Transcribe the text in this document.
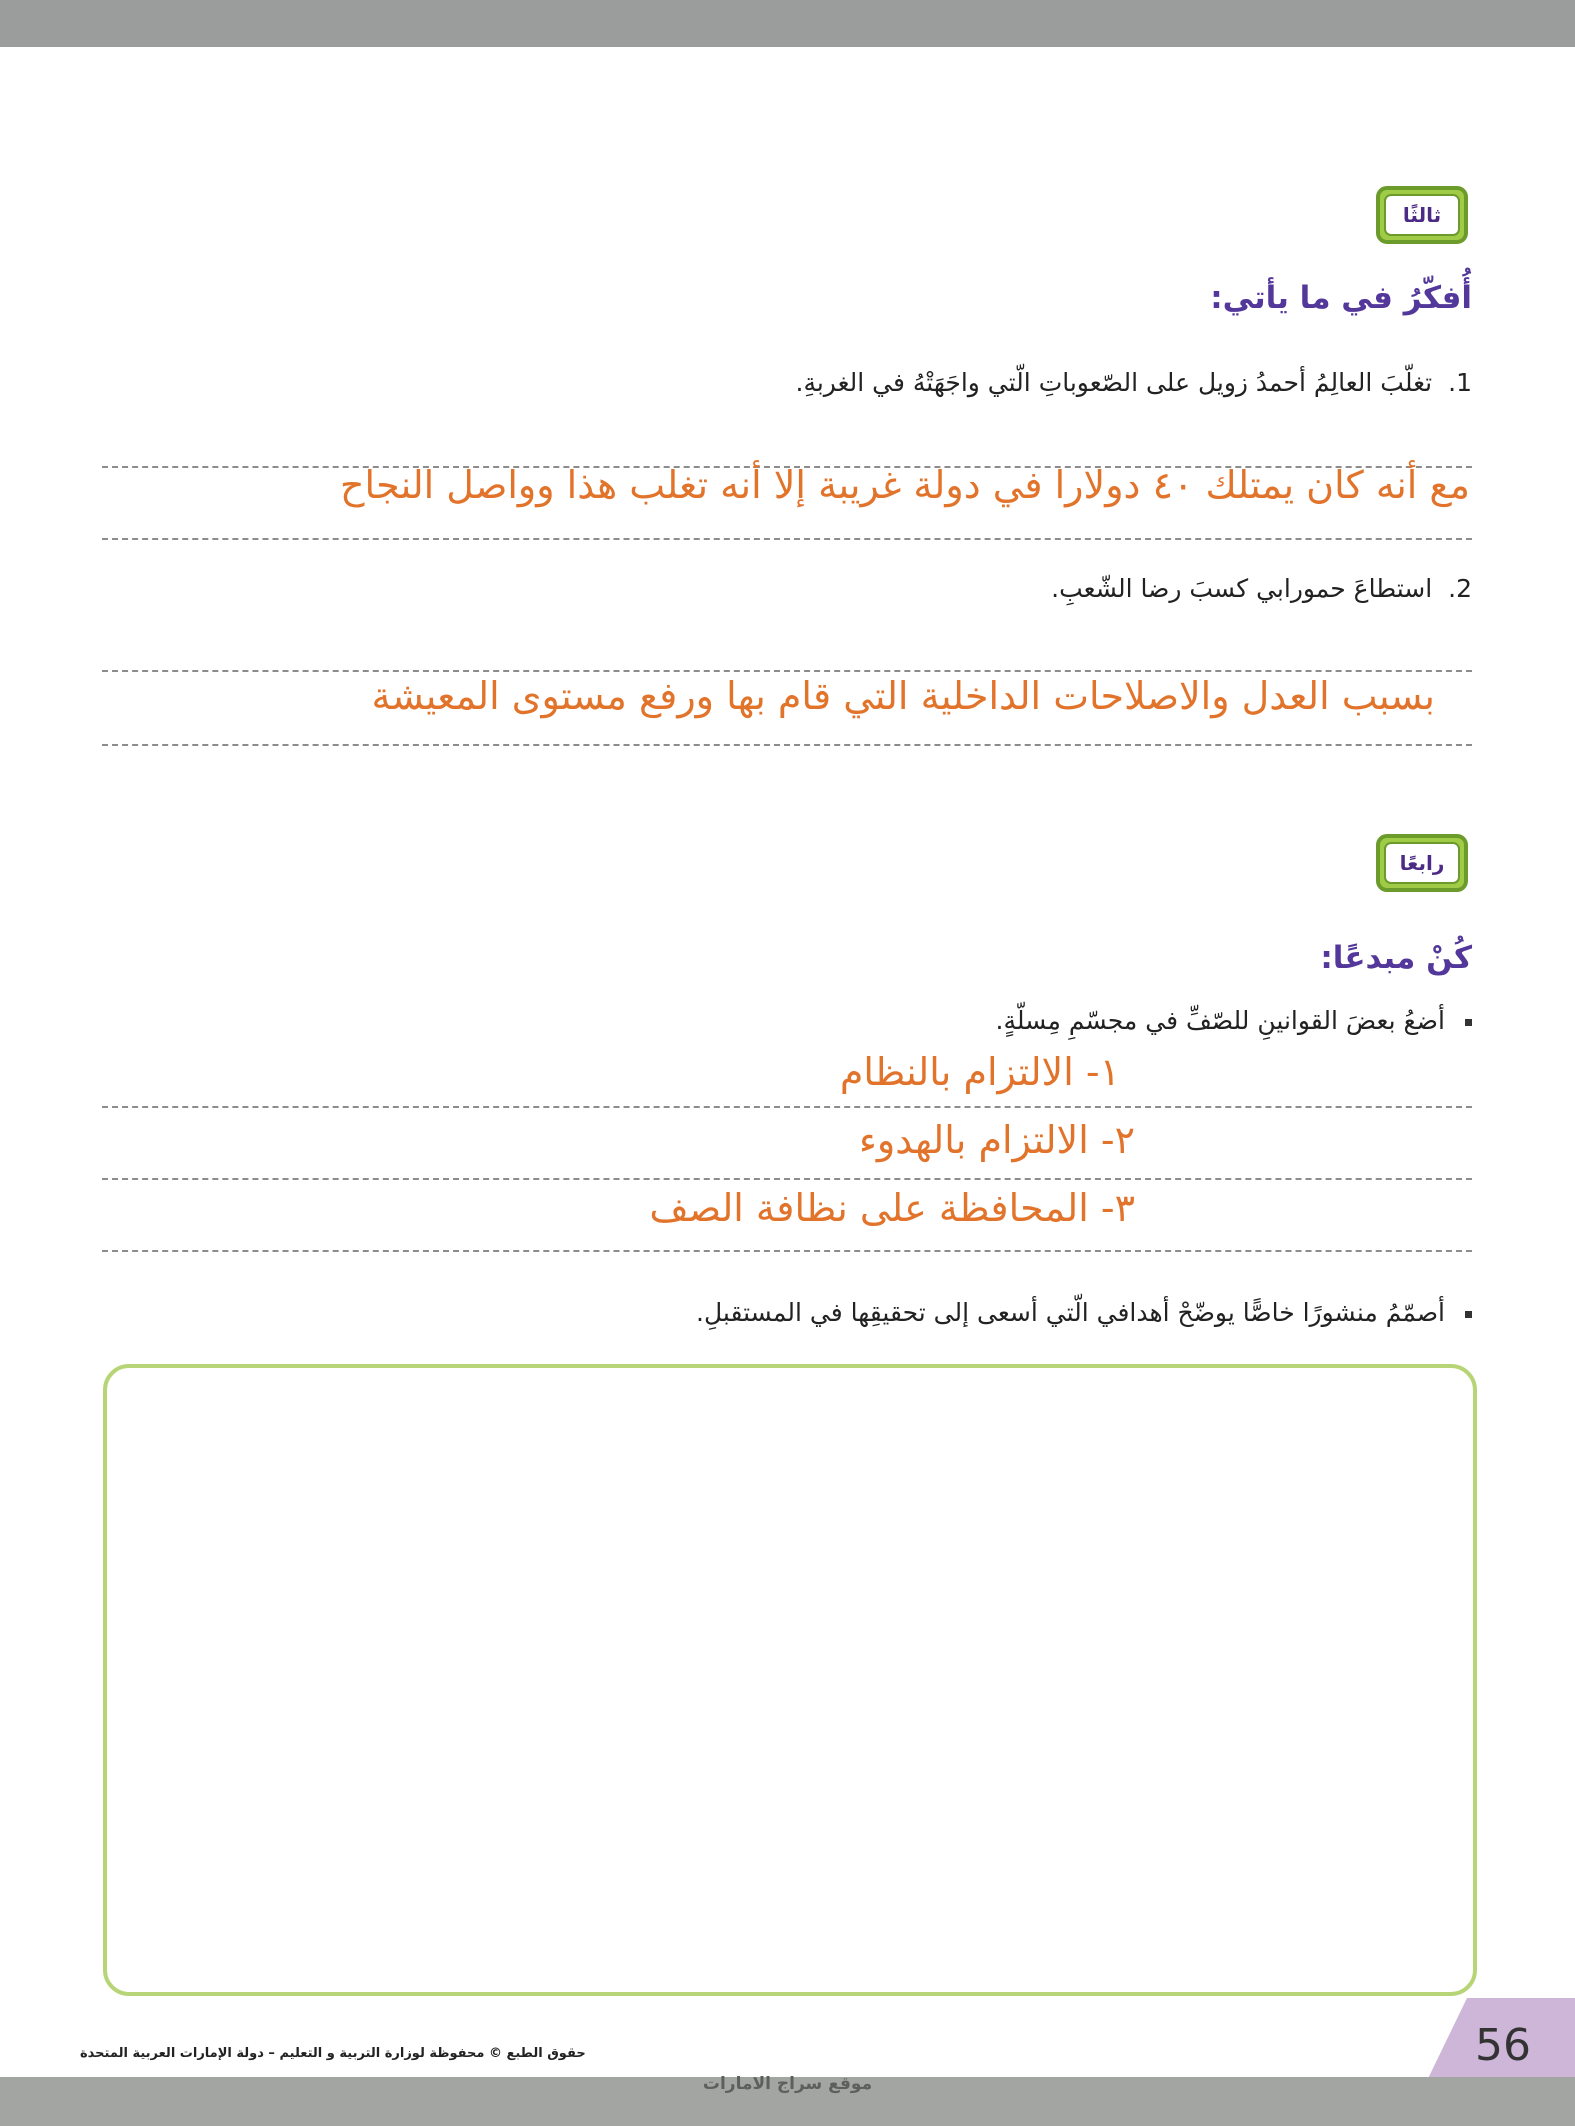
ثالثًا
أُفكّرُ في ما يأتي:
1.تغلّبَ العالِمُ أحمدُ زويل على الصّعوباتِ الّتي واجَهَتْهُ في الغربةِ.
مع أنه كان يمتلك ٤٠ دولارا في دولة غريبة إلا أنه تغلب هذا وواصل النجاح
2.استطاعَ حمورابي كسبَ رضا الشّعبِ.
بسبب العدل والاصلاحات الداخلية التي قام بها ورفع مستوى المعيشة
رابعًا
كُنْ مبدعًا:
أضعُ بعضَ القوانينِ للصّفِّ في مجسّمِ مِسلّةٍ.
١- الالتزام بالنظام
٢- الالتزام بالهدوء
٣- المحافظة على نظافة الصف
أصمّمُ منشورًا خاصًّا يوضّحْ أهدافي الّتي أسعى إلى تحقيقِها في المستقبلِ.
حقوق الطبع © محفوظة لوزارة التربية و التعليم – دولة الإمارات العربية المتحدة	56
موقع سراج الامارات
